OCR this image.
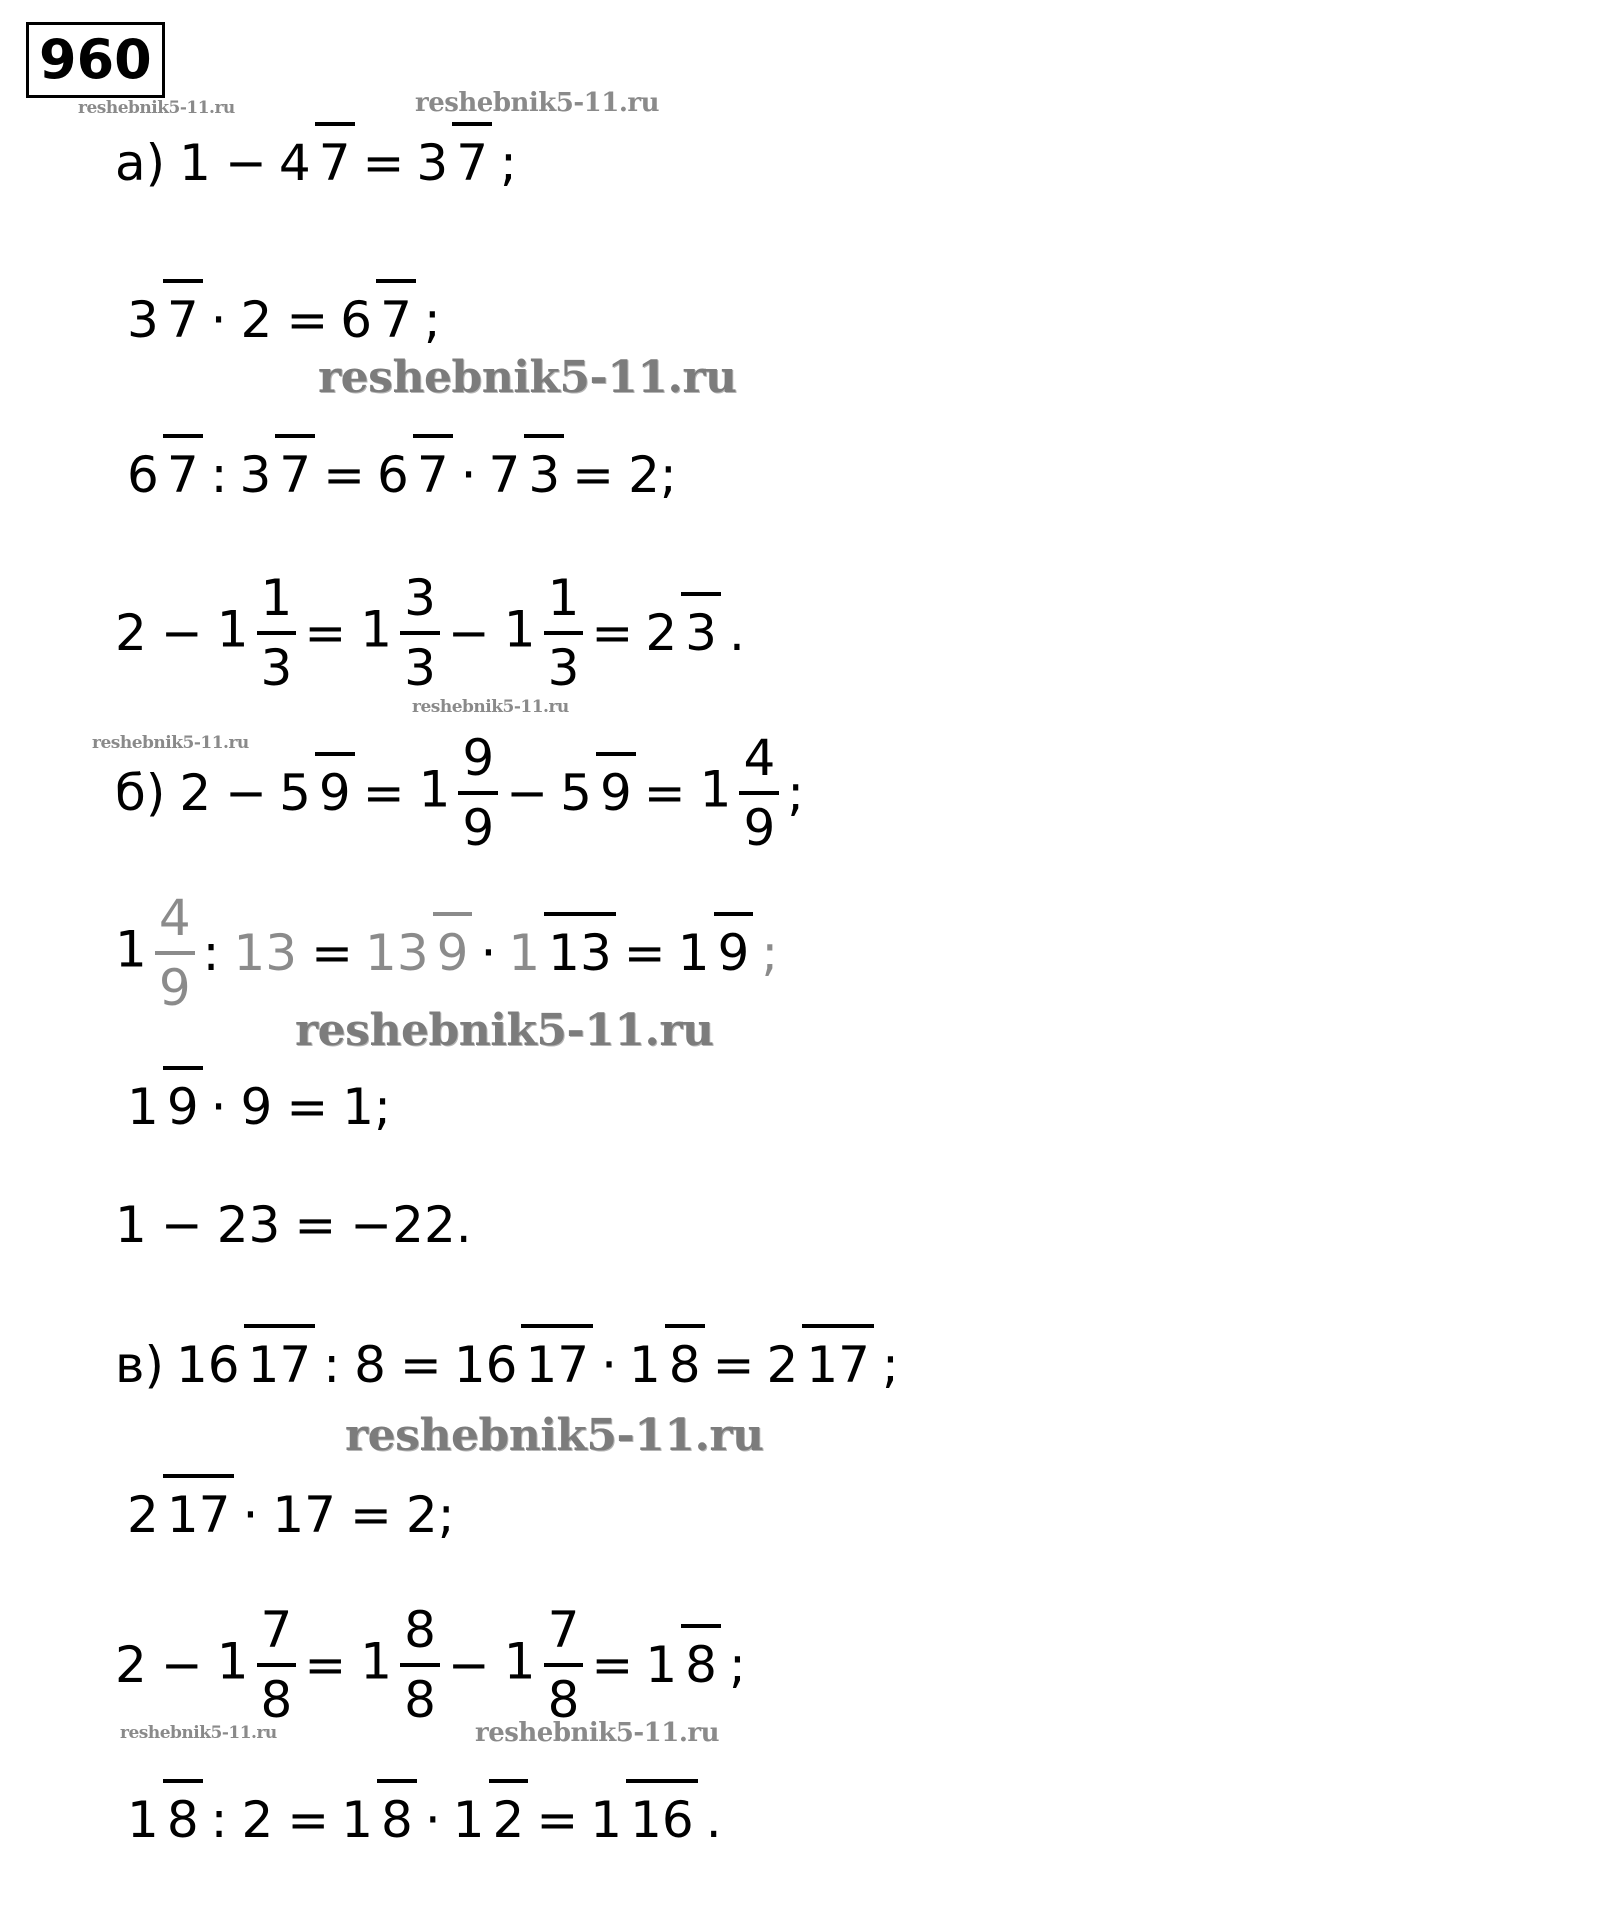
960
reshebnik5-11.ru	reshebnik5-11.ru
reshebnik5-11.ru
reshebnik5-11.ru
reshebnik5-11.ru
reshebnik5-11.ru
reshebnik5-11.ru
reshebnik5-11.ru	reshebnik5-11.ru
а) 1 − 4 7 = 3 7 ;
3 7 · 2 = 6 7 ;
6 7 : 3 7 = 6 7 · 7 3 = 2 ;
$2 - 1 \frac{1}{3} = 1 \frac{3}{3} - 1 \frac{1}{3} = 2$ 3 .
б) 2 − 5 $9 = 1 \frac{9}{9} - 5$ $9 = 1 \frac{4}{9}$ ;
$1 \frac{4}{9}$ : 13 = 13 9 · 1 13 = 1 9 ;
1 9 · 9 = 1 ;
1 − 23 = −22 .
в) 16 17 : 8 = 16 17 · 1 8 = 2 17 ;
2 17 · 17 = 2 ;
$2 - 1 \frac{7}{8} = 1 \frac{8}{8} - 1 \frac{7}{8} = 1$ 8 ;
1 8 : 2 = 1 8 · 1 2 = 1 16 .
